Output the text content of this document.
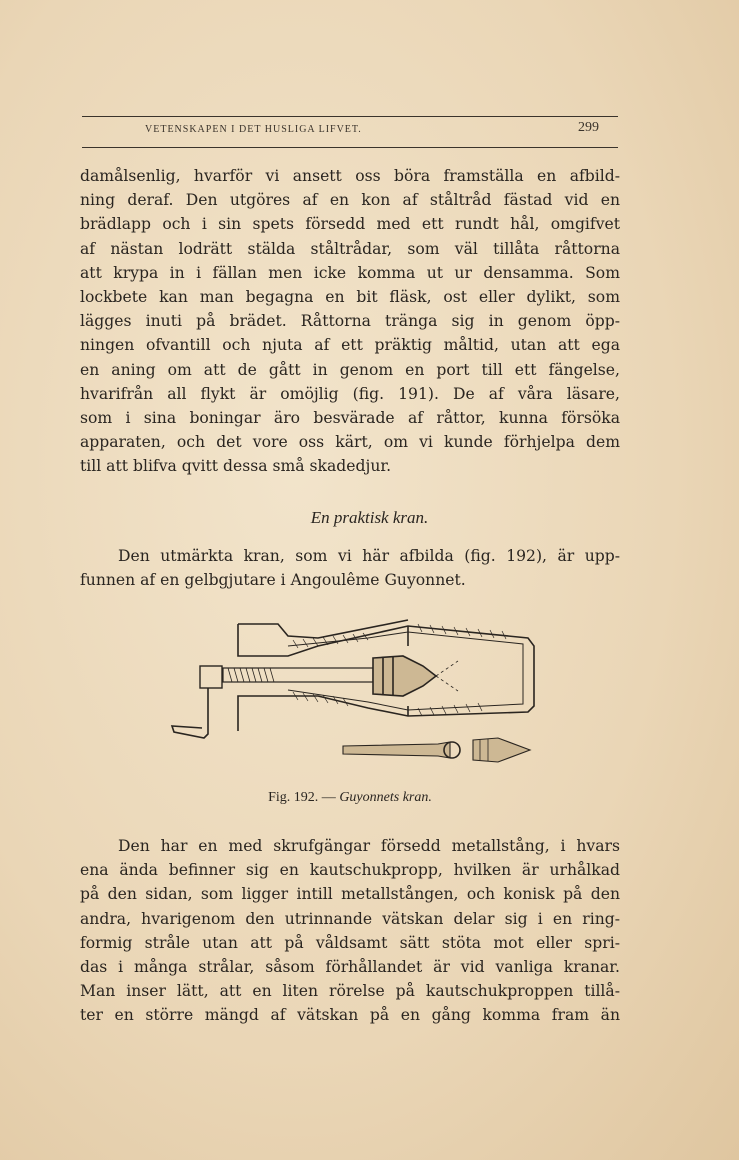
VETENSKAPEN I DET HUSLIGA LIFVET.	299
damålsenlig, hvarför vi ansett oss böra framställa en afbild-
ning deraf. Den utgöres af en kon af ståltråd fästad vid en
brädlapp och i sin spets försedd med ett rundt hål, omgifvet
af nästan lodrätt stälda ståltrådar, som väl tillåta råttorna
att krypa in i fällan men icke komma ut ur densamma. Som
lockbete kan man begagna en bit fläsk, ost eller dylikt, som
lägges inuti på brädet. Råttorna tränga sig in genom öpp-
ningen ofvantill och njuta af ett präktig måltid, utan att ega
en aning om att de gått in genom en port till ett fängelse,
hvarifrån all flykt är omöjlig (fig. 191). De af våra läsare,
som i sina boningar äro besvärade af råttor, kunna försöka
apparaten, och det vore oss kärt, om vi kunde förhjelpa dem
till att blifva qvitt dessa små skadedjur.
En praktisk kran.
Den utmärkta kran, som vi här afbilda (fig. 192), är upp-
funnen af en gelbgjutare i Angoulême Guyonnet.
Fig. 192. — Guyonnets kran.
Den har en med skrufgängar försedd metallstång, i hvars
ena ända befinner sig en kautschukpropp, hvilken är urhålkad
på den sidan, som ligger intill metallstången, och konisk på den
andra, hvarigenom den utrinnande vätskan delar sig i en ring-
formig stråle utan att på våldsamt sätt stöta mot eller spri-
das i många strålar, såsom förhållandet är vid vanliga kranar.
Man inser lätt, att en liten rörelse på kautschukproppen tillå-
ter en större mängd af vätskan på en gång komma fram än
